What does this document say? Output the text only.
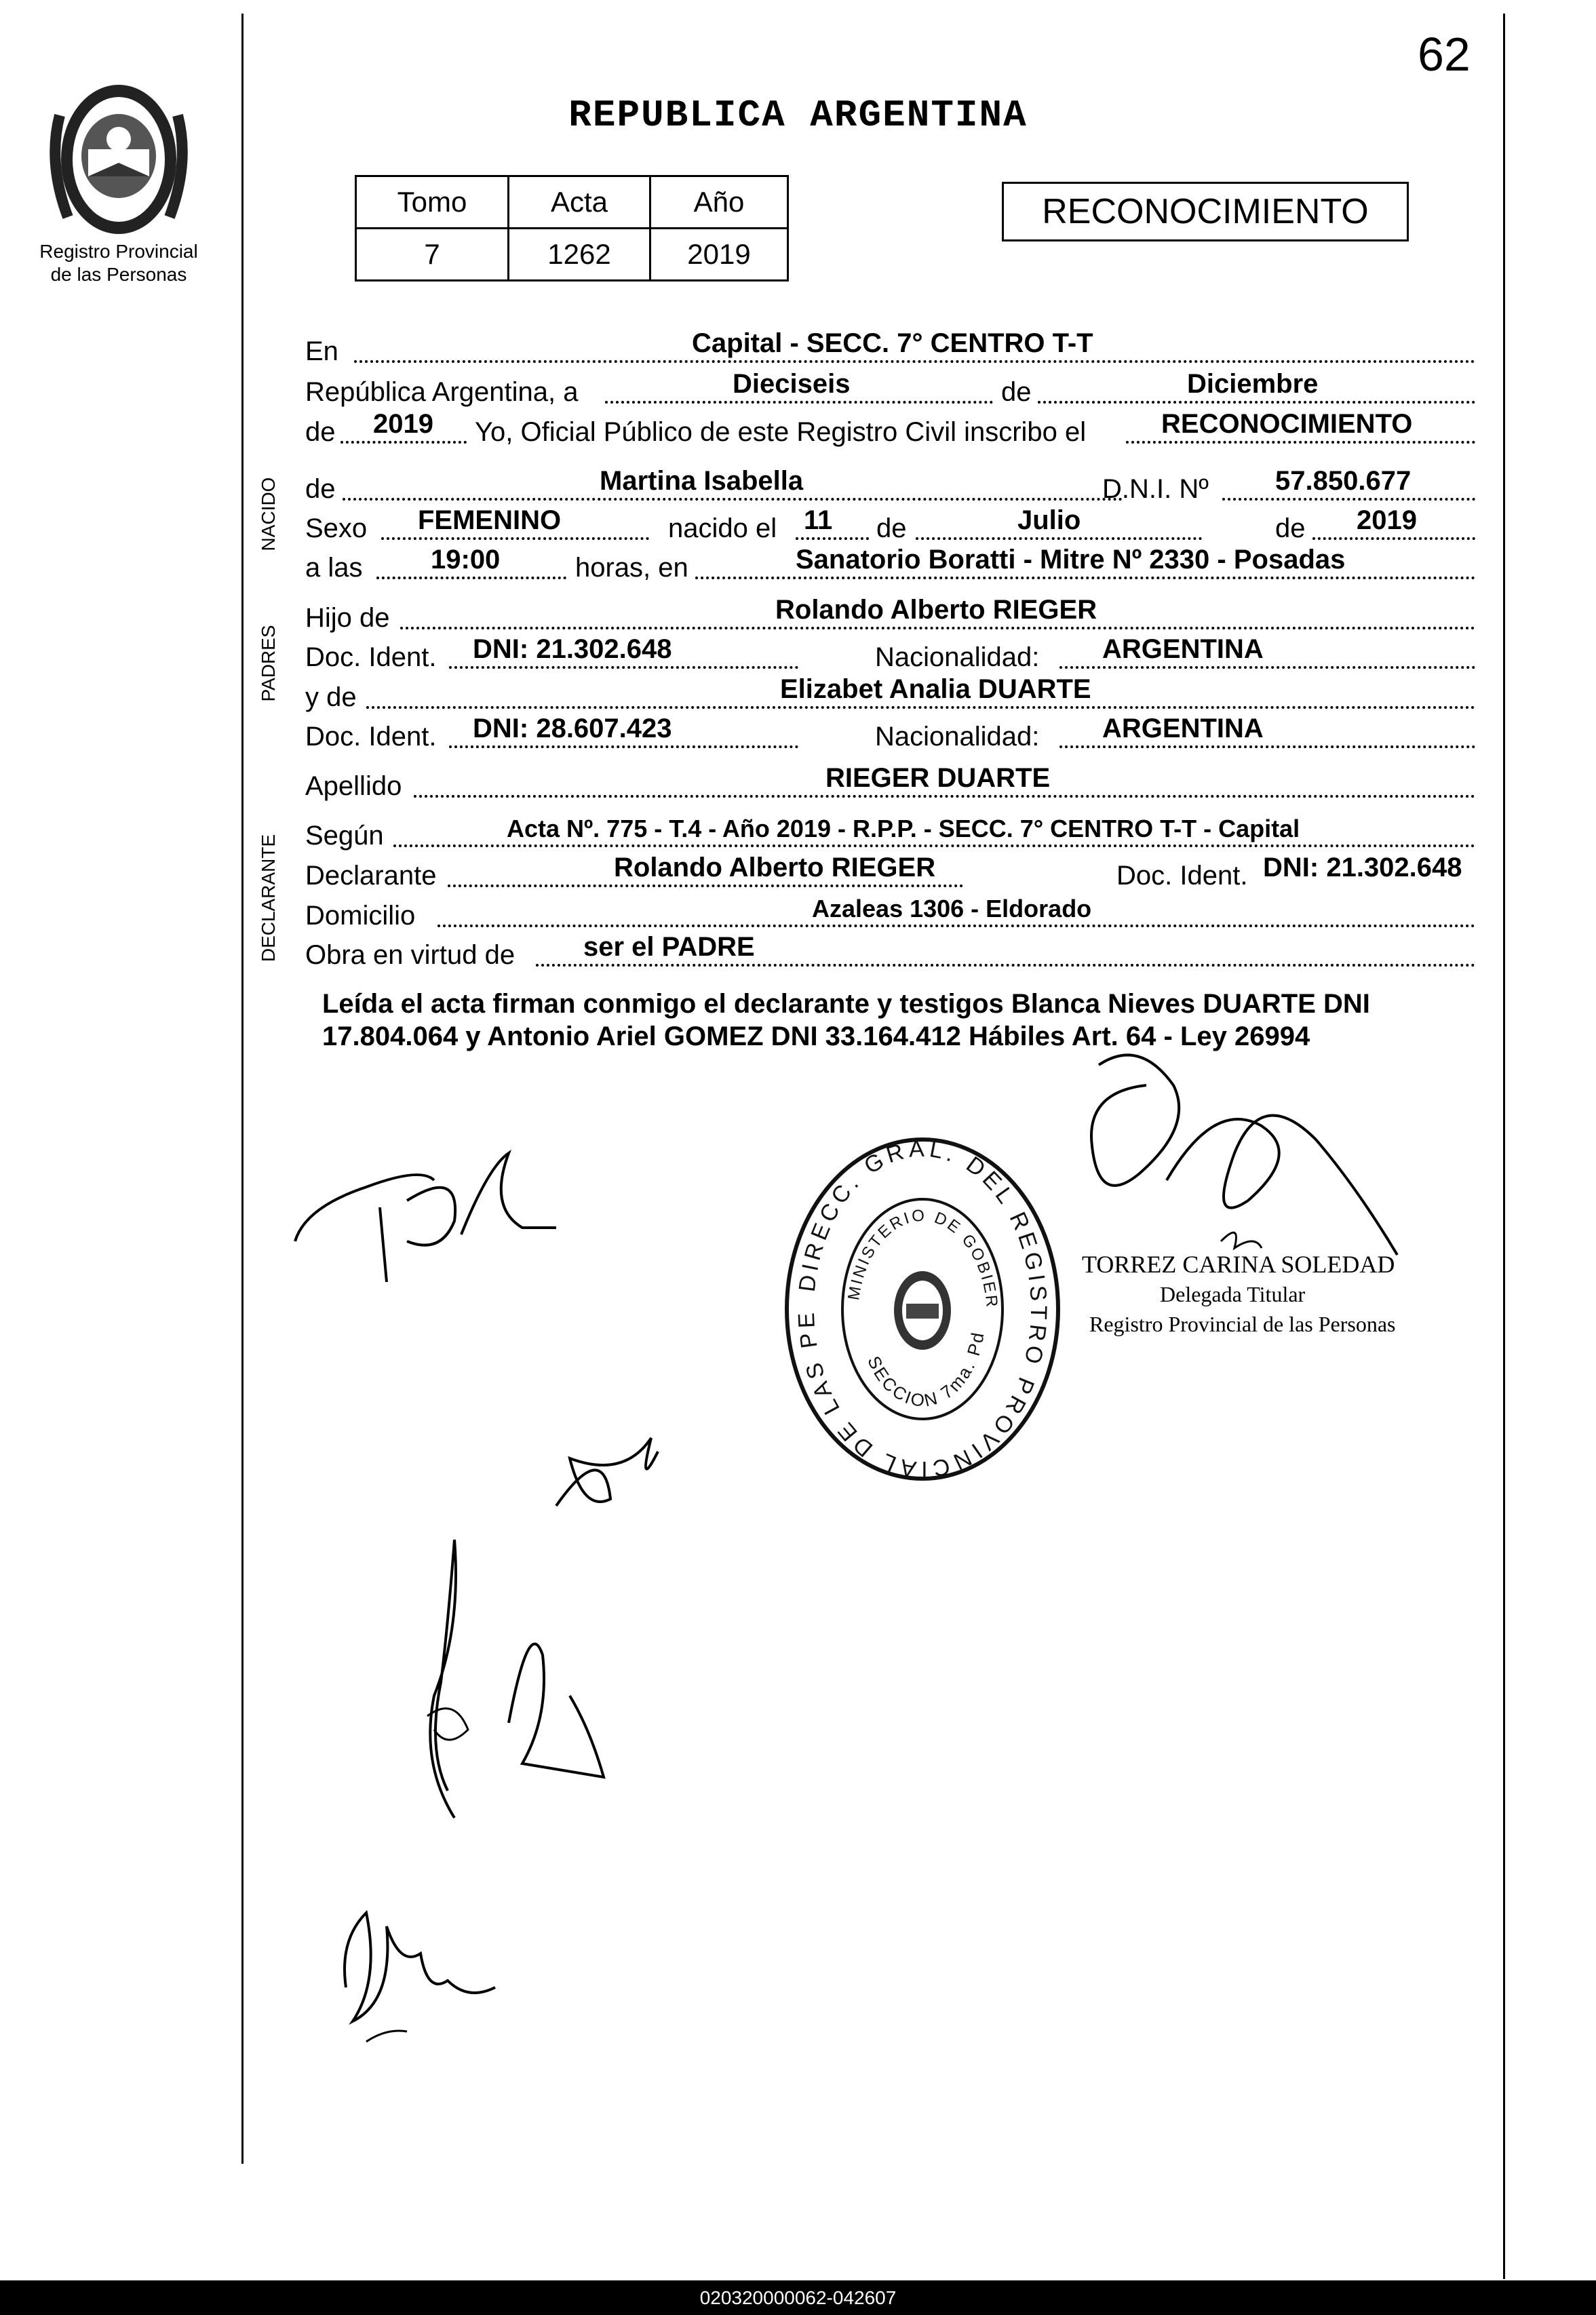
62
Registro Provincial
de las Personas
REPUBLICA ARGENTINA
Tomo	Acta	Año
7	1262	2019
RECONOCIMIENTO
NACIDO
PADRES
DECLARANTE
En	Capital - SECC. 7° CENTRO T-T
República Argentina, a	Dieciseis	de	Diciembre
de 2019 Yo, Oficial Público de este Registro Civil inscribo el	RECONOCIMIENTO
de	Martina Isabella	D.N.I. Nº 57.850.677
Sexo FEMENINO	nacido el 11 de	Julio	de 2019
a las	19:00	horas, en	Sanatorio Boratti - Mitre Nº 2330 - Posadas
Hijo de	Rolando Alberto RIEGER
Doc. Ident. DNI: 21.302.648	Nacionalidad: ARGENTINA
y de	Elizabet Analia DUARTE
Doc. Ident. DNI: 28.607.423	Nacionalidad: ARGENTINA
Apellido	RIEGER DUARTE
Según	Acta Nº. 775 - T.4 - Año 2019 - R.P.P. - SECC. 7° CENTRO T-T - Capital
Declarante	Rolando Alberto RIEGER	Doc. Ident. DNI: 21.302.648
Domicilio	Azaleas 1306 - Eldorado
Obra en virtud de	ser el PADRE
Leída el acta firman conmigo el declarante y testigos Blanca Nieves DUARTE DNI
17.804.064 y Antonio Ariel GOMEZ DNI 33.164.412 Hábiles Art. 64 - Ley 26994
DIRECC. GRAL. DEL REGISTRO PROVINCIAL DE LAS PE
MINISTERIO DE GOBIER
SECCION 7ma. Pd
TORREZ CARINA SOLEDAD
Delegada Titular
Registro Provincial de las Personas
020320000062-042607
